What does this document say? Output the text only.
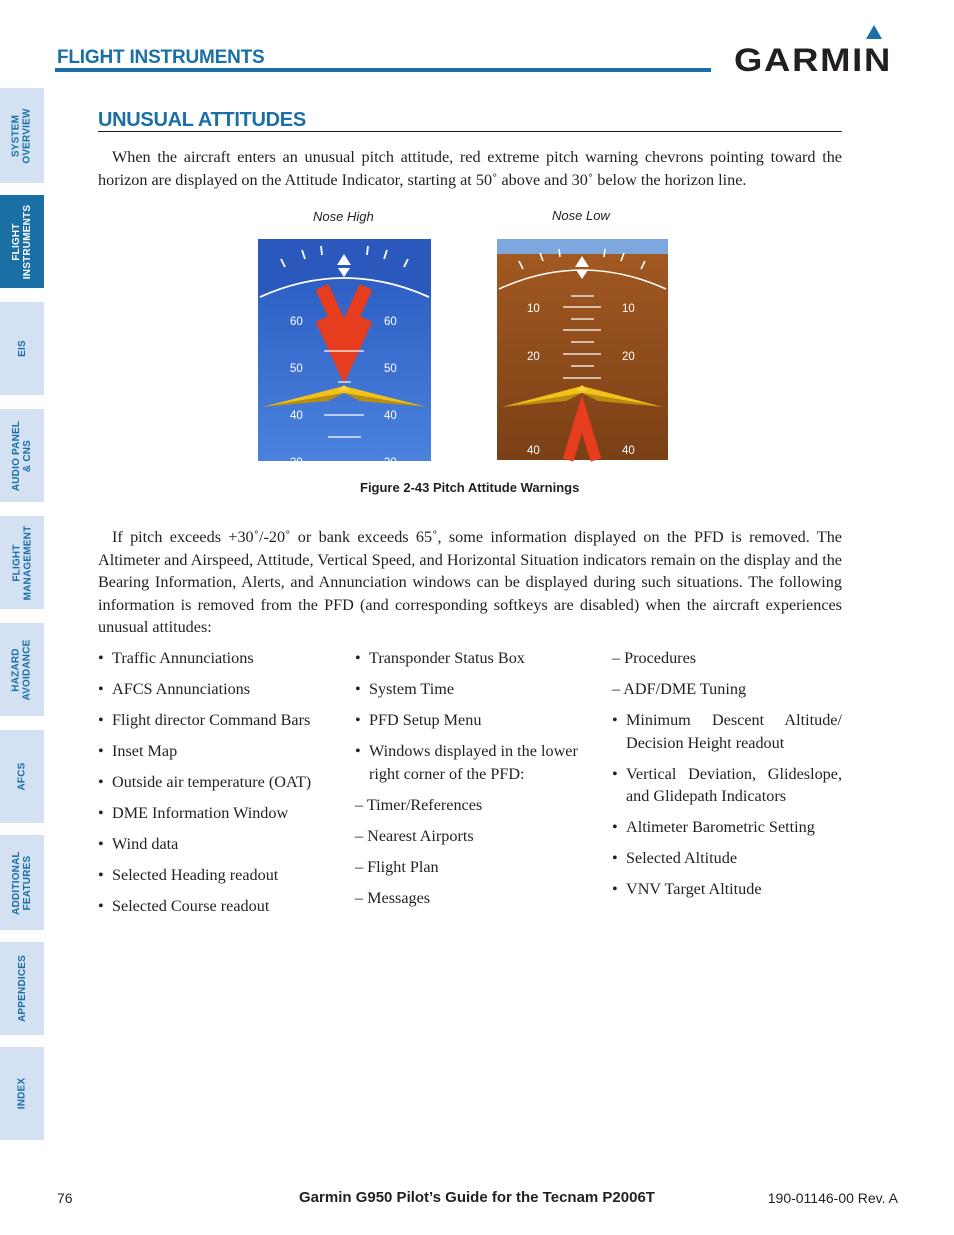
SYSTEM OVERVIEW
FLIGHT INSTRUMENTS
EIS
AUDIO PANEL & CNS
FLIGHT MANAGEMENT
HAZARD AVOIDANCE
AFCS
ADDITIONAL FEATURES
APPENDICES
INDEX
FLIGHT INSTRUMENTS	GARMIN
UNUSUAL ATTITUDES

When the aircraft enters an unusual pitch attitude, red extreme pitch warning chevrons pointing toward the horizon are displayed on the Attitude Indicator, starting at 50˚ above and 30˚ below the horizon line.

Nose High	Nose Low
60	60
50	50
40	40
30	30
10	10
20	20
40	40
Figure 2-43 Pitch Attitude Warnings

If pitch exceeds +30˚/-20˚ or bank exceeds 65˚, some information displayed on the PFD is removed. The Altimeter and Airspeed, Attitude, Vertical Speed, and Horizontal Situation indicators remain on the display and the Bearing Information, Alerts, and Annunciation windows can be displayed during such situations. The following information is removed from the PFD (and corresponding softkeys are disabled) when the aircraft experiences unusual attitudes:

• Traffic Annunciations
• AFCS Annunciations
• Flight director Command Bars
• Inset Map
• Outside air temperature (OAT)
• DME Information Window
• Wind data
• Selected Heading readout
• Selected Course readout
• Transponder Status Box
• System Time
• PFD Setup Menu
• Windows displayed in the lower right corner of the PFD:
– Timer/References
– Nearest Airports
– Flight Plan
– Messages
– Procedures
– ADF/DME Tuning
• Minimum Descent Altitude/ Decision Height readout
• Vertical Deviation, Glideslope, and Glidepath Indicators
• Altimeter Barometric Setting
• Selected Altitude
• VNV Target Altitude
76	Garmin G950 Pilot’s Guide for the Tecnam P2006T	190-01146-00 Rev. A
